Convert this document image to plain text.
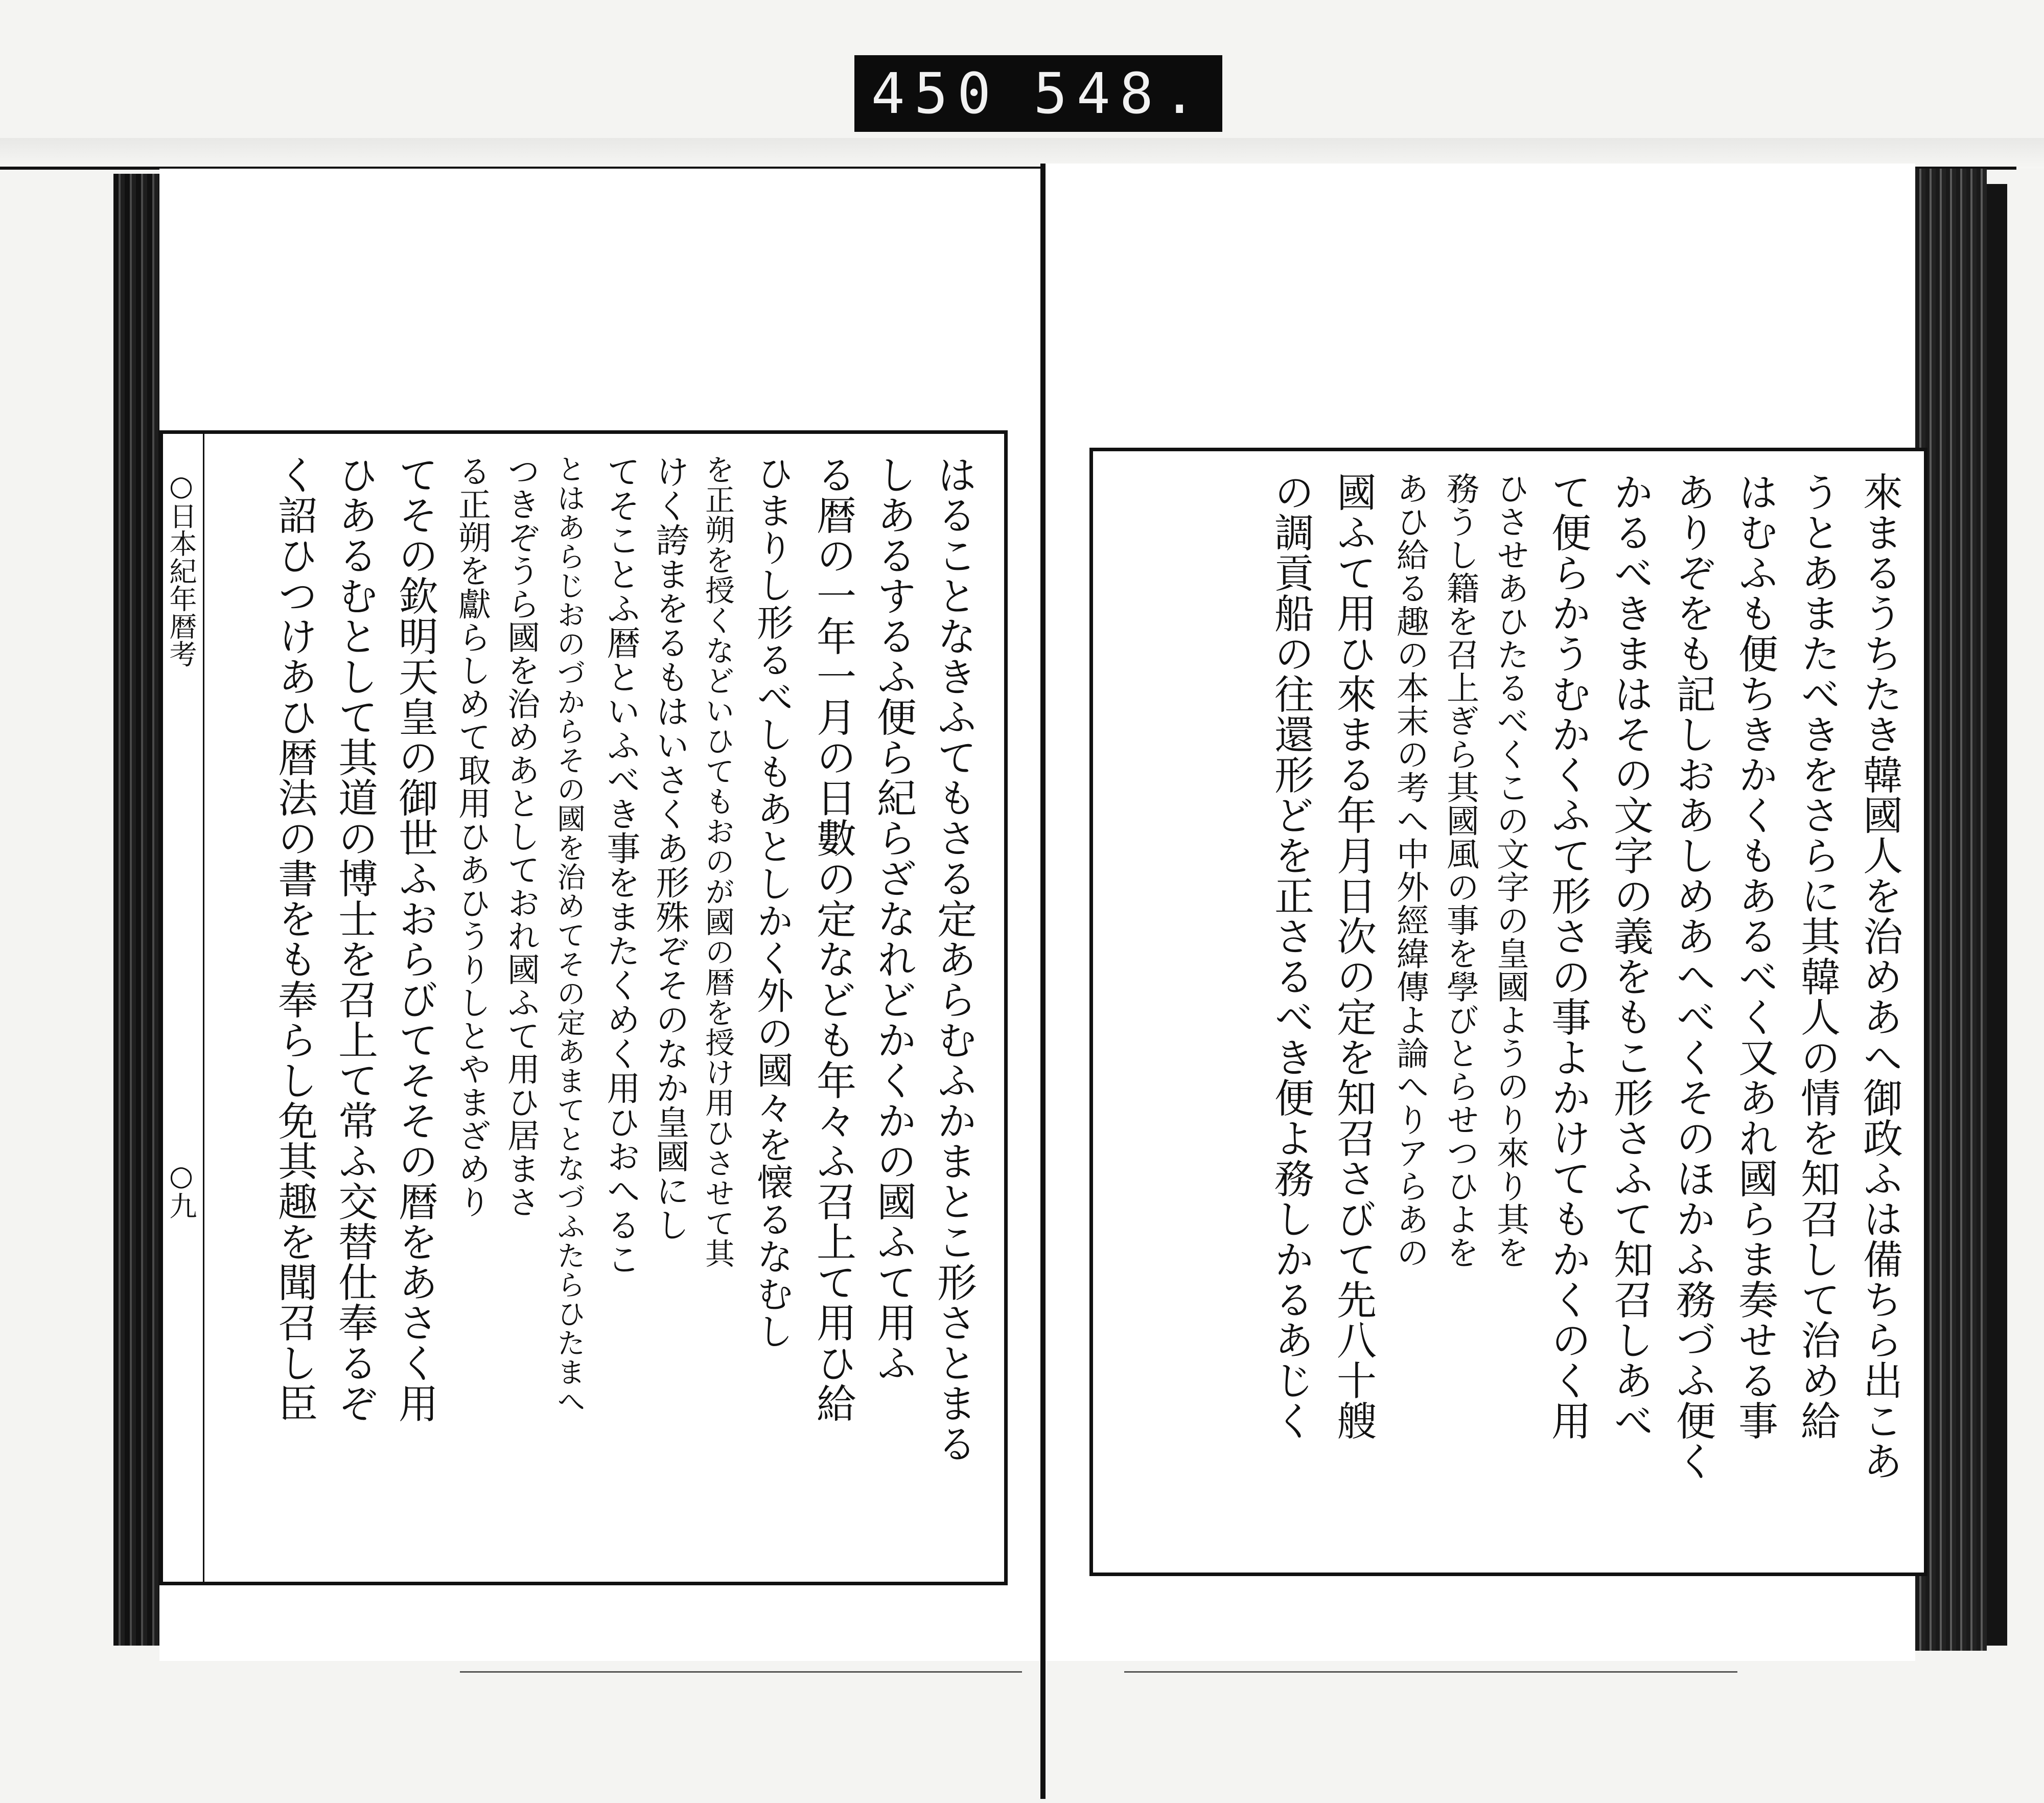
450 548.
○日本紀年暦考
○九	はることなきふてもさる定あらむふかまとこ形さとまる
しあるするふ便ら紀らざなれどかくかの國ふて用ふ
る暦の一年一月の日數の定なども年々ふ召上て用ひ給
ひまりし形るべしもあとしかく外の國々を懐るなむし
を正朔を授くなどいひてもおのが國の暦を授け用ひさせて其
けく誇まをるもはいさくあ形殊ぞそのなか皇國にし
てそことふ暦といふべき事をまたくめく用ひおへるこ
とはあらじおのづからその國を治めてその定あまてとなづふたらひたまへ
つきぞうら國を治めあとしておれ國ふて用ひ居まさ
る正朔を獻らしめて取用ひあひうりしとやまざめり
てその欽明天皇の御世ふおらびてそその暦をあさく用
ひあるむとして其道の博士を召上て常ふ交替仕奉るぞ
く詔ひつけあひ暦法の書をも奉らし免其趣を聞召し臣	來まるうちたき韓國人を治めあへ御政ふは備ちら出こあ
うとあまたべきをさらに其韓人の情を知召して治め給
はむふも便ちきかくもあるべく又あれ國らま奏せる事
ありぞをも記しおあしめあへべくそのほかふ務づふ便く
かるべきまはその文字の義をもこ形さふて知召しあべ
て便らかうむかくふて形さの事よかけてもかくのく用
ひさせあひたるべくこの文字の皇國ようのり來り其を
務うし籍を召上ぎら其國風の事を學びとらせつひよを
あひ給る趣の本末の考へ中外經緯傳よ論へりアらあの
國ふて用ひ來まる年月日次の定を知召さびて先八十艘
の調貢船の往還形どを正さるべき便よ務しかるあじく
